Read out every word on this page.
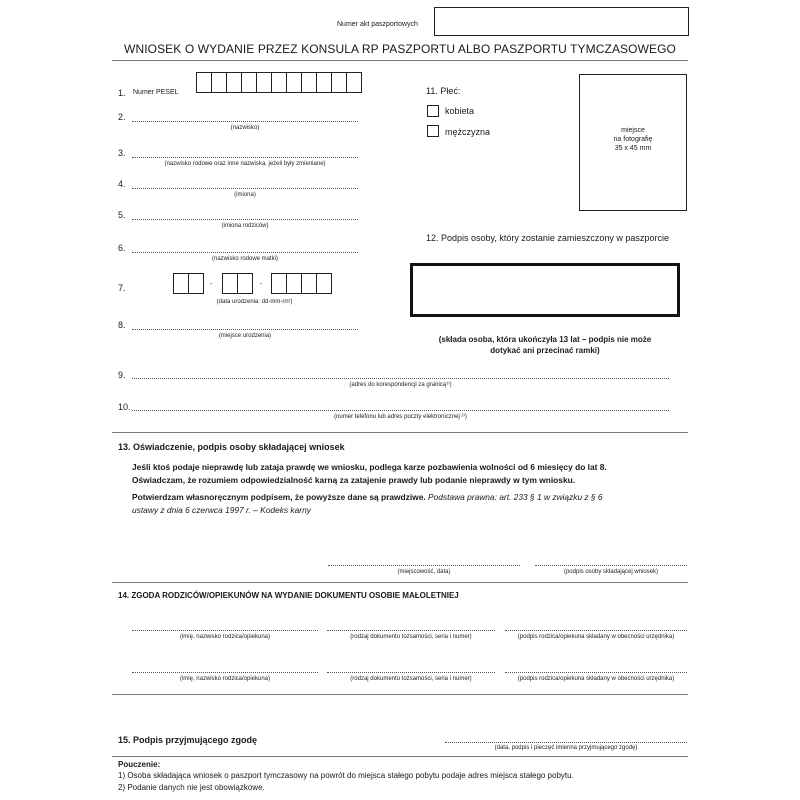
Numer akt paszportowych
WNIOSEK O WYDANIE PRZEZ KONSULA RP PASZPORTU ALBO PASZPORTU TYMCZASOWEGO
1. Numer PESEL
2.
(nazwisko)
3.
(nazwisko rodowe oraz inne nazwiska, jeżeli były zmieniane)
4.
(imiona)
5.
(imiona rodziców)
6.
(nazwisko rodowe matki)
7.	-	-
(data urodzenia: dd-mm-rrrr)
8.
(miejsce urodzenia)
11. Płeć:
kobieta
mężczyzna	miejsce
na fotografię
35 x 45 mm
12. Podpis osoby, który zostanie zamieszczony w paszporcie
(składa osoba, która ukończyła 13 lat – podpis nie może
dotykać ani przecinać ramki)
9.
(adres do korespondencji za granicą¹⁾)
10.
(numer telefonu lub adres poczty elektronicznej ²⁾)
13. Oświadczenie, podpis osoby składającej wniosek
Jeśli ktoś podaje nieprawdę lub zataja prawdę we wniosku, podlega karze pozbawienia wolności od 6 miesięcy do lat 8.
Oświadczam, że rozumiem odpowiedzialność karną za zatajenie prawdy lub podanie nieprawdy w tym wniosku.
Potwierdzam własnoręcznym podpisem, że powyższe dane są prawdziwe. Podstawa prawna: art. 233 § 1 w związku z § 6
ustawy z dnia 6 czerwca 1997 r. – Kodeks karny
(miejscowość, data)	(podpis osoby składającej wniosek)
14. ZGODA RODZICÓW/OPIEKUNÓW NA WYDANIE DOKUMENTU OSOBIE MAŁOLETNIEJ
(imię, nazwisko rodzica/opiekuna)	(rodzaj dokumentu tożsamości, seria i numer)	(podpis rodzica/opiekuna składany w obecności urzędnika)
(imię, nazwisko rodzica/opiekuna)	(rodzaj dokumentu tożsamości, seria i numer)	(podpis rodzica/opiekuna składany w obecności urzędnika)
15. Podpis przyjmującego zgodę
(data, podpis i pieczęć imienna przyjmującego zgodę)
Pouczenie:
1) Osoba składająca wniosek o paszport tymczasowy na powrót do miejsca stałego pobytu podaje adres miejsca stałego pobytu.
2) Podanie danych nie jest obowiązkowe.
